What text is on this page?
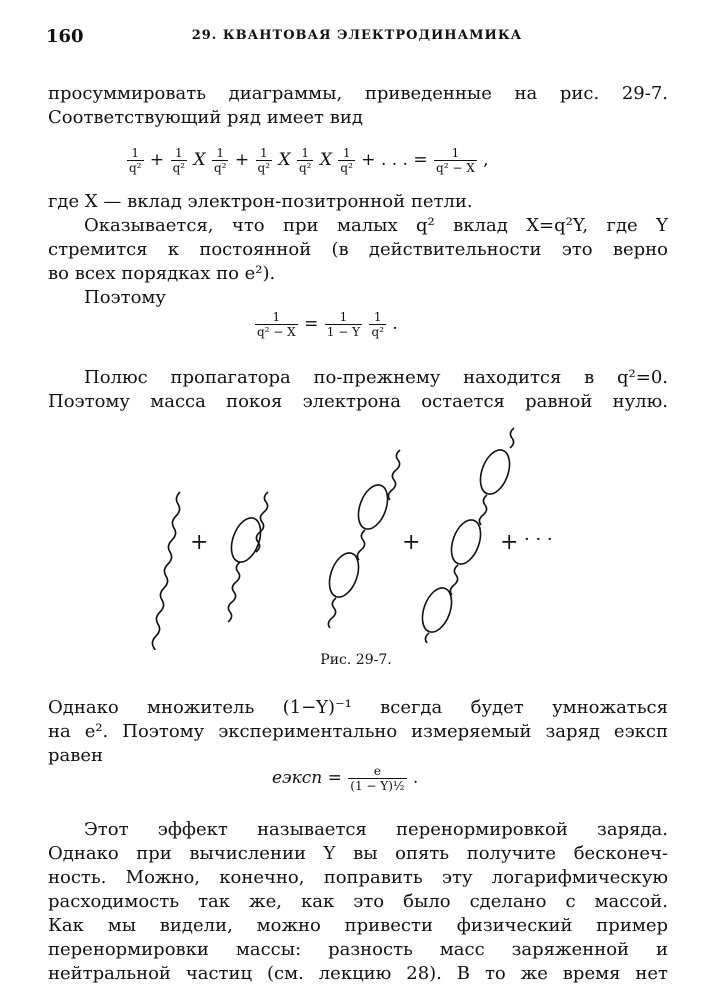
160	29. КВАНТОВАЯ ЭЛЕКТРОДИНАМИКА
просуммировать диаграммы, приведенные на рис. 29-7.
Соответствующий ряд имеет вид
$\frac{1}{\text{q²}} + \frac{1}{\text{q²}}$ X $\frac{1}{\text{q²}} + \frac{1}{\text{q²}}$ X $\frac{1}{\text{q²}}$ X $\frac{1}{\text{q²}}$ + . . . = $\frac{1}{\text{q² − X}}$ ,
где X — вклад электрон-позитронной петли.
Оказывается, что при малых q² вклад X=q²Y, где Y
стремится к постоянной (в действительности это верно
во всех порядках по e²).
Поэтому
$\frac{1}{\text{q² − X}} = \frac{1}{1 - Y}$
$\frac{1}{\text{q²}}$ .
Полюс пропагатора по-прежнему находится в q²=0.
Поэтому масса покоя электрона остается равной нулю.
+	+	+ · · ·
Рис. 29-7.
Однако множитель (1−Y)⁻¹ всегда будет умножаться
на e². Поэтому экспериментально измеряемый заряд eэксп
равен
eэксп = $\frac{e}{\text{(1 − Y)½}}$ .
Этот эффект называется перенормировкой заряда.
Однако при вычислении Y вы опять получите бесконеч-
ность. Можно, конечно, поправить эту логарифмическую
расходимость так же, как это было сделано с массой.
Как мы видели, можно привести физический пример
перенормировки массы: разность масс заряженной и
нейтральной частиц (см. лекцию 28). В то же время нет
